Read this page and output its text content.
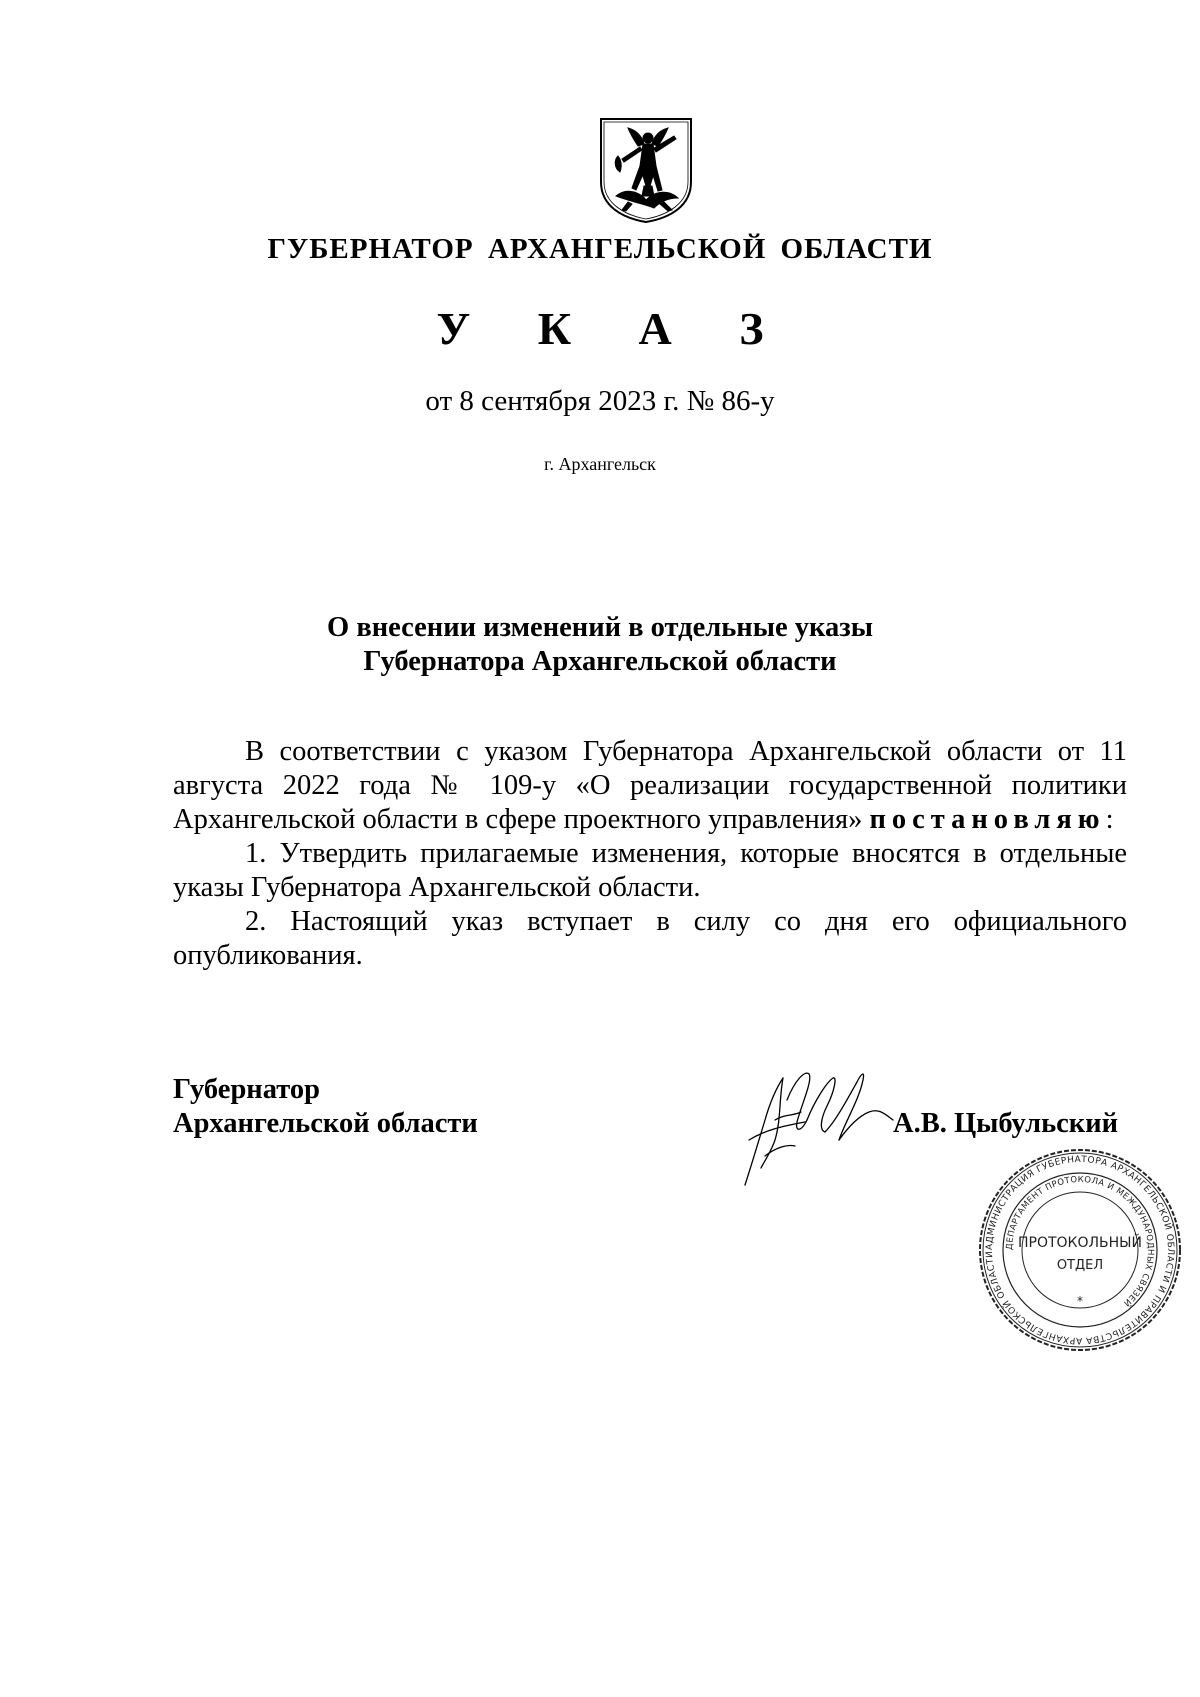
ГУБЕРНАТОР АРХАНГЕЛЬСКОЙ ОБЛАСТИ
У К А З
от 8 сентября 2023 г. № 86-у
г. Архангельск
О внесении изменений в отдельные указы
Губернатора Архангельской области

В соответствии с указом Губернатора Архангельской области от 11 августа 2022 года № 109-у «О реализации государственной политики Архангельской области в сфере проектного управления» постановляю:

1. Утвердить прилагаемые изменения, которые вносятся в отдельные указы Губернатора Архангельской области.

2. Настоящий указ вступает в силу со дня его официального опубликования.

Губернатор
Архангельской области	А.В. Цыбульский
АДМИНИСТРАЦИЯ ГУБЕРНАТОРА АРХАНГЕЛЬСКОЙ ОБЛАСТИ И ПРАВИТЕЛЬСТВА АРХАНГЕЛЬСКОЙ ОБЛАСТИ
ДЕПАРТАМЕНТ ПРОТОКОЛА И МЕЖДУНАРОДНЫХ СВЯЗЕЙ
ПРОТОКОЛЬНЫЙ
ОТДЕЛ
*
